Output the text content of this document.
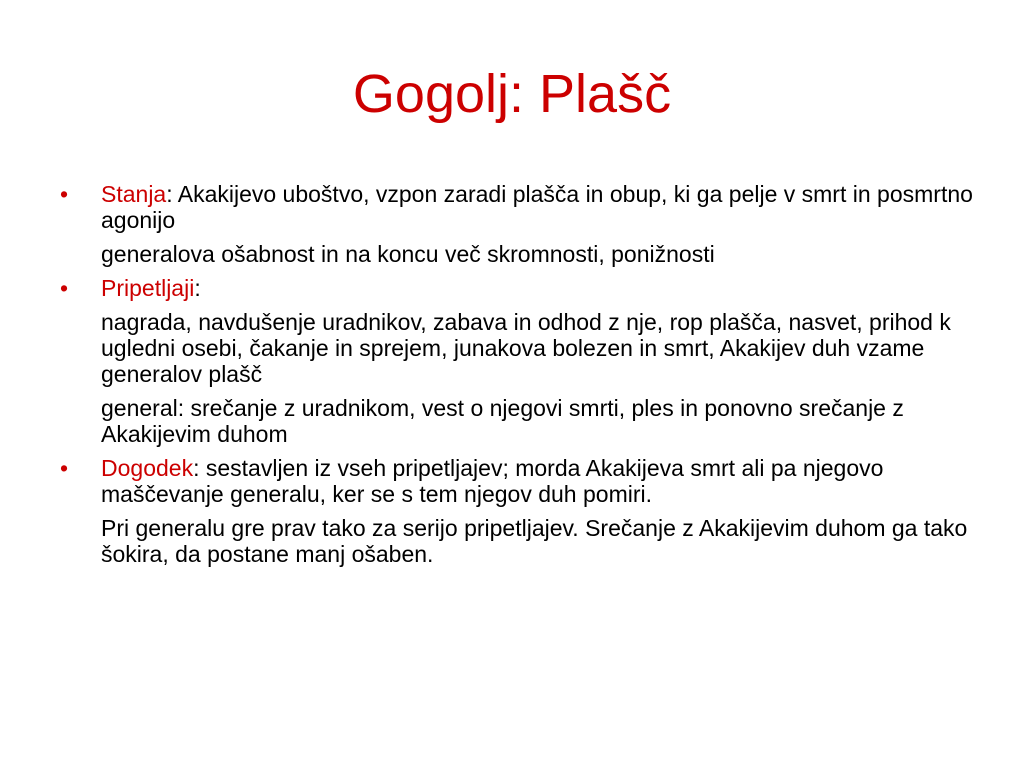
Gogolj: Plašč
•	Stanja: Akakijevo uboštvo, vzpon zaradi plašča in obup, ki ga pelje v smrt in posmrtno agonijo
generalova ošabnost in na koncu več skromnosti, ponižnosti
•	Pripetljaji:
nagrada, navdušenje uradnikov, zabava in odhod z nje, rop plašča, nasvet, prihod k ugledni osebi, čakanje in sprejem, junakova bolezen in smrt, Akakijev duh vzame generalov plašč
general: srečanje z uradnikom, vest o njegovi smrti, ples in ponovno srečanje z Akakijevim duhom
•	Dogodek: sestavljen iz vseh pripetljajev; morda Akakijeva smrt ali pa njegovo maščevanje generalu, ker se s tem njegov duh pomiri.
Pri generalu gre prav tako za serijo pripetljajev. Srečanje z Akakijevim duhom ga tako šokira, da postane manj ošaben.
